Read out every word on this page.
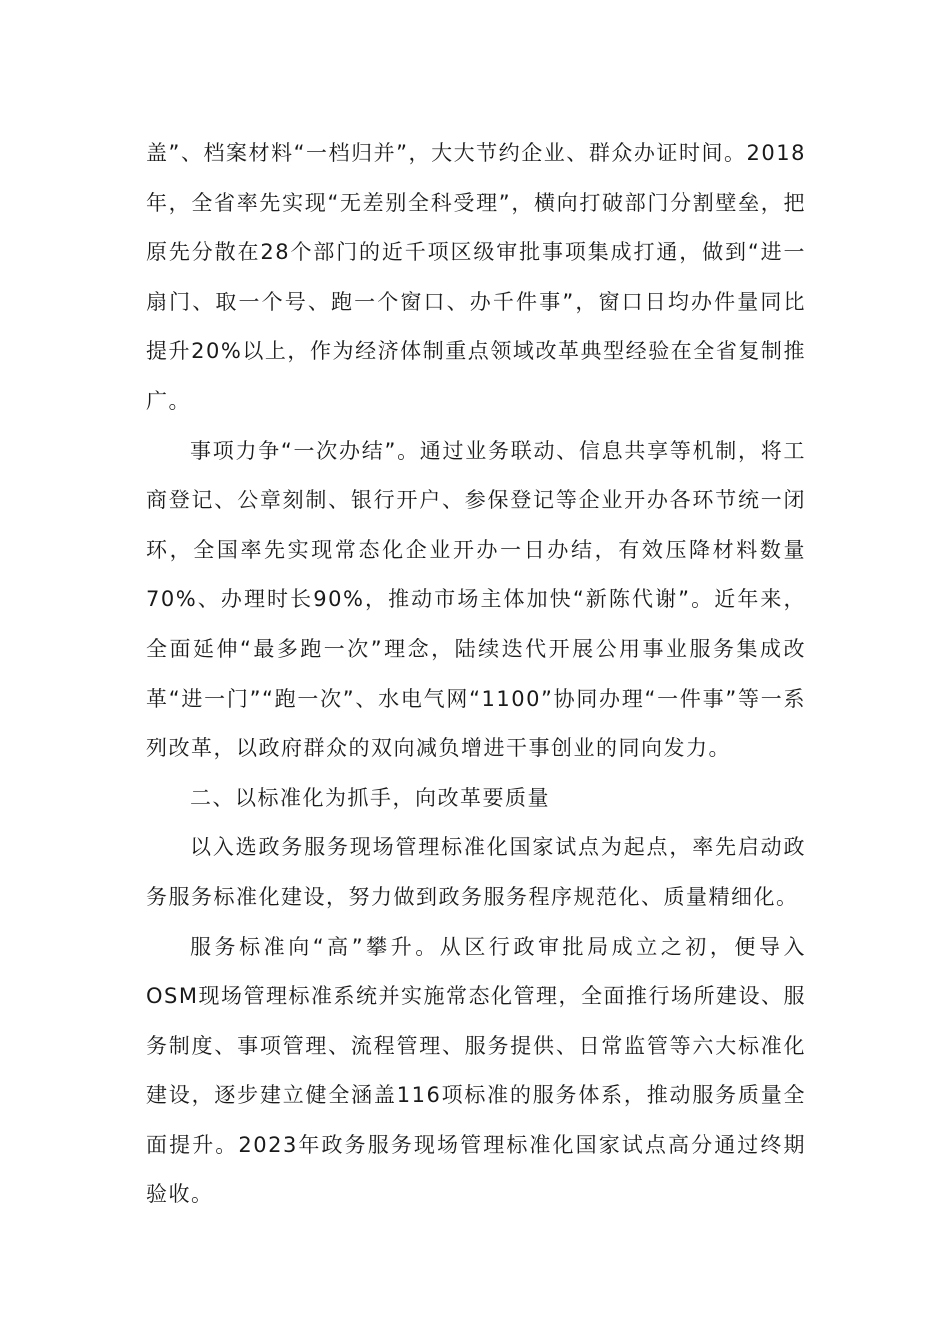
盖”、档案材料“一档归并”，大大节约企业、群众办证时间。2018年，全省率先实现“无差别全科受理”，横向打破部门分割壁垒，把原先分散在28个部门的近千项区级审批事项集成打通，做到“进一扇门、取一个号、跑一个窗口、办千件事”，窗口日均办件量同比提升20%以上，作为经济体制重点领域改革典型经验在全省复制推广。

事项力争“一次办结”。通过业务联动、信息共享等机制，将工商登记、公章刻制、银行开户、参保登记等企业开办各环节统一闭环，全国率先实现常态化企业开办一日办结，有效压降材料数量70%、办理时长90%，推动市场主体加快“新陈代谢”。近年来，全面延伸“最多跑一次”理念，陆续迭代开展公用事业服务集成改革“进一门”“跑一次”、水电气网“1100”协同办理“一件事”等一系列改革，以政府群众的双向减负增进干事创业的同向发力。

二、以标准化为抓手，向改革要质量

以入选政务服务现场管理标准化国家试点为起点，率先启动政务服务标准化建设，努力做到政务服务程序规范化、质量精细化。

服务标准向“高”攀升。从区行政审批局成立之初，便导入OSM现场管理标准系统并实施常态化管理，全面推行场所建设、服务制度、事项管理、流程管理、服务提供、日常监管等六大标准化建设，逐步建立健全涵盖116项标准的服务体系，推动服务质量全面提升。2023年政务服务现场管理标准化国家试点高分通过终期验收。
